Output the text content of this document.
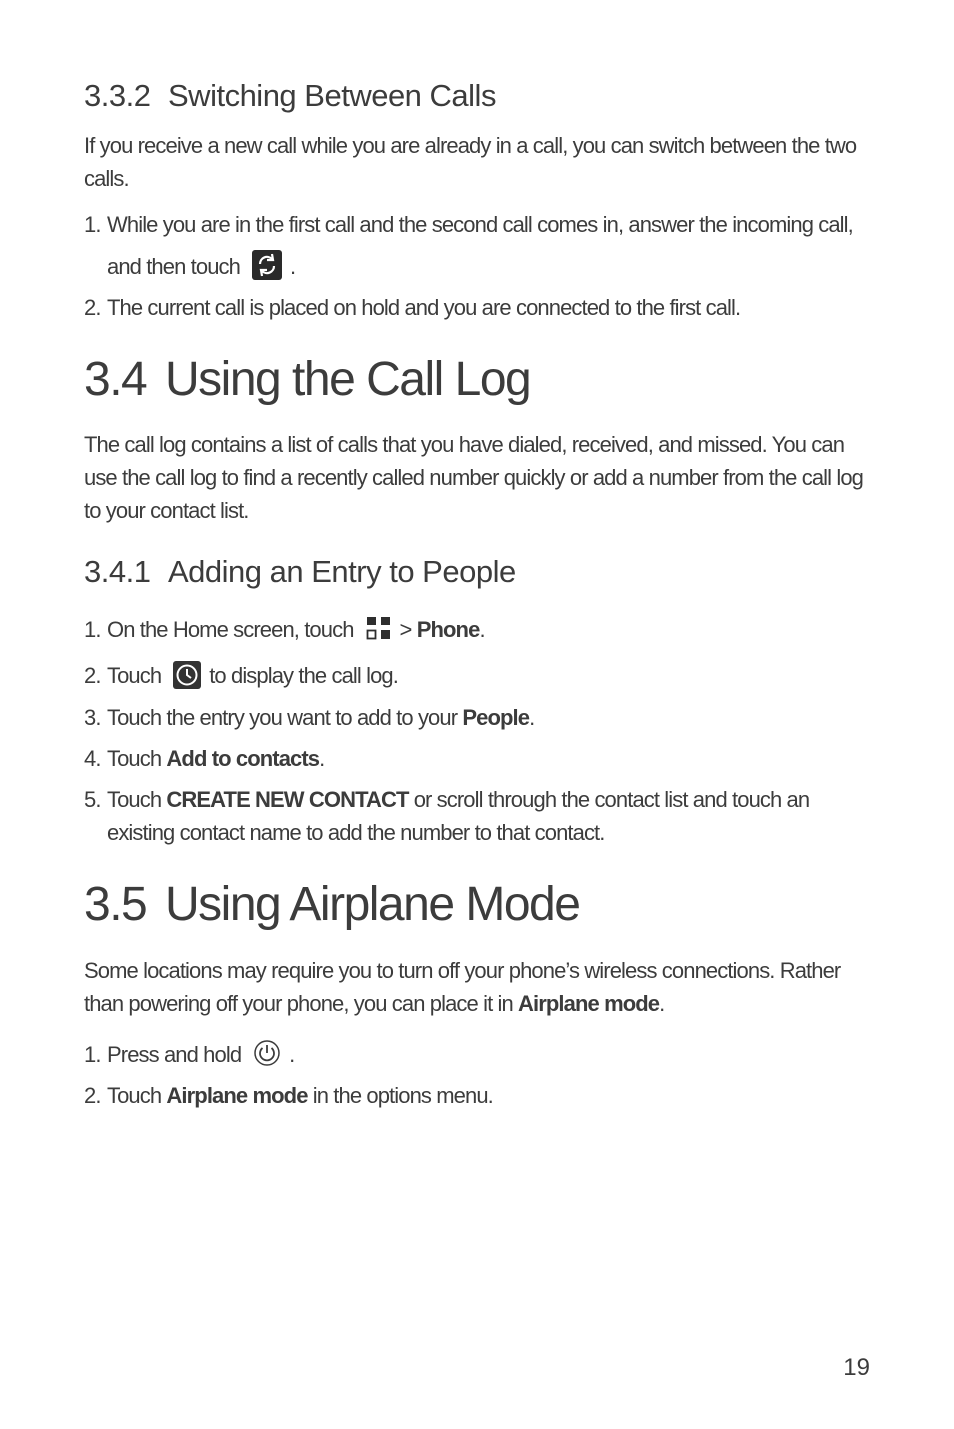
3.3.2 Switching Between Calls

If you receive a new call while you are already in a call, you can switch between the two calls.

1. While you are in the first call and the second call comes in, answer the incoming call, and then touch .
2. The current call is placed on hold and you are connected to the first call.
3.4 Using the Call Log

The call log contains a list of calls that you have dialed, received, and missed. You can use the call log to find a recently called number quickly or add a number from the call log to your contact list.

3.4.1 Adding an Entry to People
1. On the Home screen, touch > Phone.
2. Touch to display the call log.
3. Touch the entry you want to add to your People.
4. Touch Add to contacts.
5. Touch CREATE NEW CONTACT or scroll through the contact list and touch an existing contact name to add the number to that contact.
3.5 Using Airplane Mode

Some locations may require you to turn off your phone’s wireless connections. Rather than powering off your phone, you can place it in Airplane mode.

1. Press and hold .
2. Touch Airplane mode in the options menu.
19
